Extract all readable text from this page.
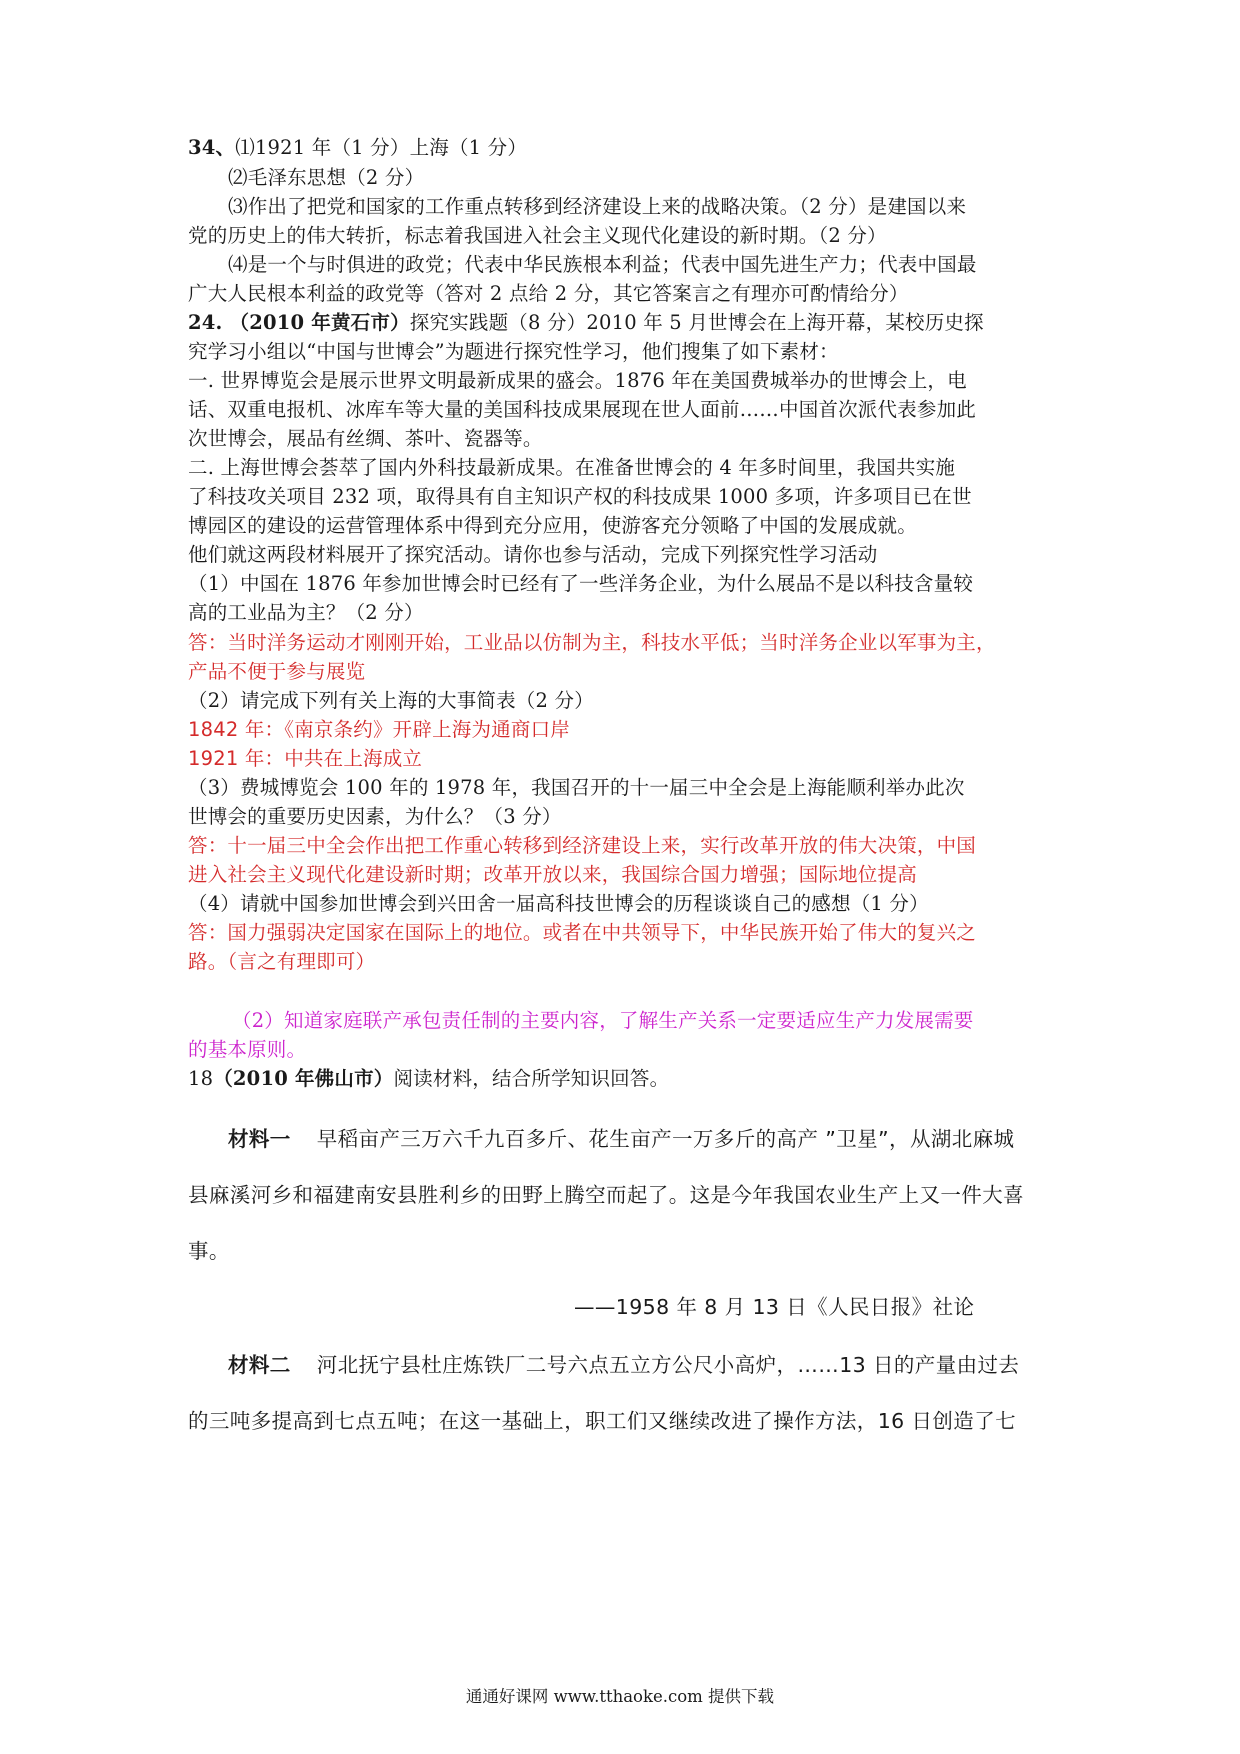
34、⑴1921 年（1 分）上海（1 分）
⑵毛泽东思想（2 分）
⑶作出了把党和国家的工作重点转移到经济建设上来的战略决策。（2 分）是建国以来
党的历史上的伟大转折，标志着我国进入社会主义现代化建设的新时期。（2 分）
⑷是一个与时俱进的政党；代表中华民族根本利益；代表中国先进生产力；代表中国最
广大人民根本利益的政党等（答对 2 点给 2 分，其它答案言之有理亦可酌情给分）
24. （2010 年黄石市）探究实践题（8 分）2010 年 5 月世博会在上海开幕，某校历史探
究学习小组以“中国与世博会”为题进行探究性学习，他们搜集了如下素材：
一. 世界博览会是展示世界文明最新成果的盛会。1876 年在美国费城举办的世博会上，电
话、双重电报机、冰库车等大量的美国科技成果展现在世人面前……中国首次派代表参加此
次世博会，展品有丝绸、茶叶、瓷器等。
二. 上海世博会荟萃了国内外科技最新成果。在准备世博会的 4 年多时间里，我国共实施
了科技攻关项目 232 项，取得具有自主知识产权的科技成果 1000 多项，许多项目已在世
博园区的建设的运营管理体系中得到充分应用，使游客充分领略了中国的发展成就。
他们就这两段材料展开了探究活动。请你也参与活动，完成下列探究性学习活动
（1）中国在 1876 年参加世博会时已经有了一些洋务企业，为什么展品不是以科技含量较
高的工业品为主？（2 分）
答：当时洋务运动才刚刚开始，工业品以仿制为主，科技水平低；当时洋务企业以军事为主，
产品不便于参与展览
（2）请完成下列有关上海的大事简表（2 分）
1842 年：《南京条约》开辟上海为通商口岸
1921 年：中共在上海成立
（3）费城博览会 100 年的 1978 年，我国召开的十一届三中全会是上海能顺利举办此次
世博会的重要历史因素，为什么？（3 分）
答：十一届三中全会作出把工作重心转移到经济建设上来，实行改革开放的伟大决策，中国
进入社会主义现代化建设新时期；改革开放以来，我国综合国力增强；国际地位提高
（4）请就中国参加世博会到兴田舍一届高科技世博会的历程谈谈自己的感想（1 分）
答：国力强弱决定国家在国际上的地位。或者在中共领导下，中华民族开始了伟大的复兴之
路。（言之有理即可）
（2）知道家庭联产承包责任制的主要内容，了解生产关系一定要适应生产力发展需要
的基本原则。
18（2010 年佛山市）阅读材料，结合所学知识回答。
材料一 早稻亩产三万六千九百多斤、花生亩产一万多斤的高产 ”卫星”，从湖北麻城
县麻溪河乡和福建南安县胜利乡的田野上腾空而起了。这是今年我国农业生产上又一件大喜
事。
——1958 年 8 月 13 日《人民日报》社论
材料二 河北抚宁县杜庄炼铁厂二号六点五立方公尺小高炉，……13 日的产量由过去
的三吨多提高到七点五吨；在这一基础上，职工们又继续改进了操作方法，16 日创造了七
通通好课网 www.tthaoke.com 提供下载
